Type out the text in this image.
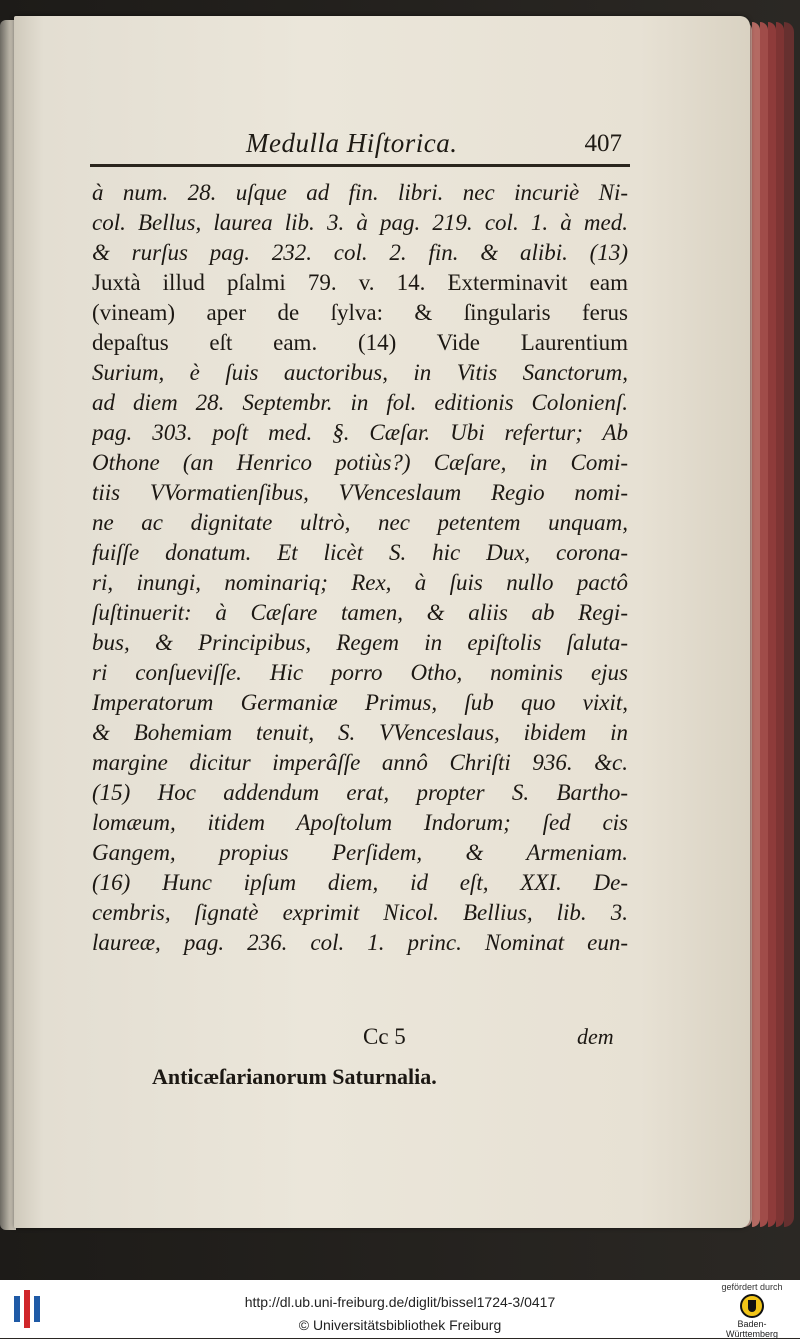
Medulla Hiſtorica.	407
à num. 28. uſque ad fin. libri. nec incuriè Ni-
col. Bellus, laurea lib. 3. à pag. 219. col. 1. à med.
& rurſus pag. 232. col. 2. fin. & alibi. (13)
Juxtà illud pſalmi 79. v. 14. Exterminavit eam
(vineam) aper de ſylva: & ſingularis ferus
depaſtus eſt eam. (14) Vide Laurentium
Surium, è ſuis auctoribus, in Vitis Sanctorum,
ad diem 28. Septembr. in fol. editionis Colonienſ.
pag. 303. poſt med. §. Cæſar. Ubi refertur; Ab
Othone (an Henrico potiùs?) Cæſare, in Comi-
tiis VVormatienſibus, VVenceslaum Regio nomi-
ne ac dignitate ultrò, nec petentem unquam,
fuiſſe donatum. Et licèt S. hic Dux, corona-
ri, inungi, nominariq; Rex, à ſuis nullo pactô
ſuſtinuerit: à Cæſare tamen, & aliis ab Regi-
bus, & Principibus, Regem in epiſtolis ſaluta-
ri conſueviſſe. Hic porro Otho, nominis ejus
Imperatorum Germaniæ Primus, ſub quo vixit,
& Bohemiam tenuit, S. VVenceslaus, ibidem in
margine dicitur imperâſſe annô Chriſti 936. &c.
(15) Hoc addendum erat, propter S. Bartho-
lomæum, itidem Apoſtolum Indorum; ſed cis
Gangem, propius Perſidem, & Armeniam.
(16) Hunc ipſum diem, id eſt, XXI. De-
cembris, ſignatè exprimit Nicol. Bellius, lib. 3.
laureæ, pag. 236. col. 1. princ. Nominat eun-
Cc 5	dem
Anticæſarianorum Saturnalia.
http://dl.ub.uni-freiburg.de/diglit/bissel1724-3/0417
© Universitätsbibliothek Freiburg
gefördert durch
Baden-Württemberg
